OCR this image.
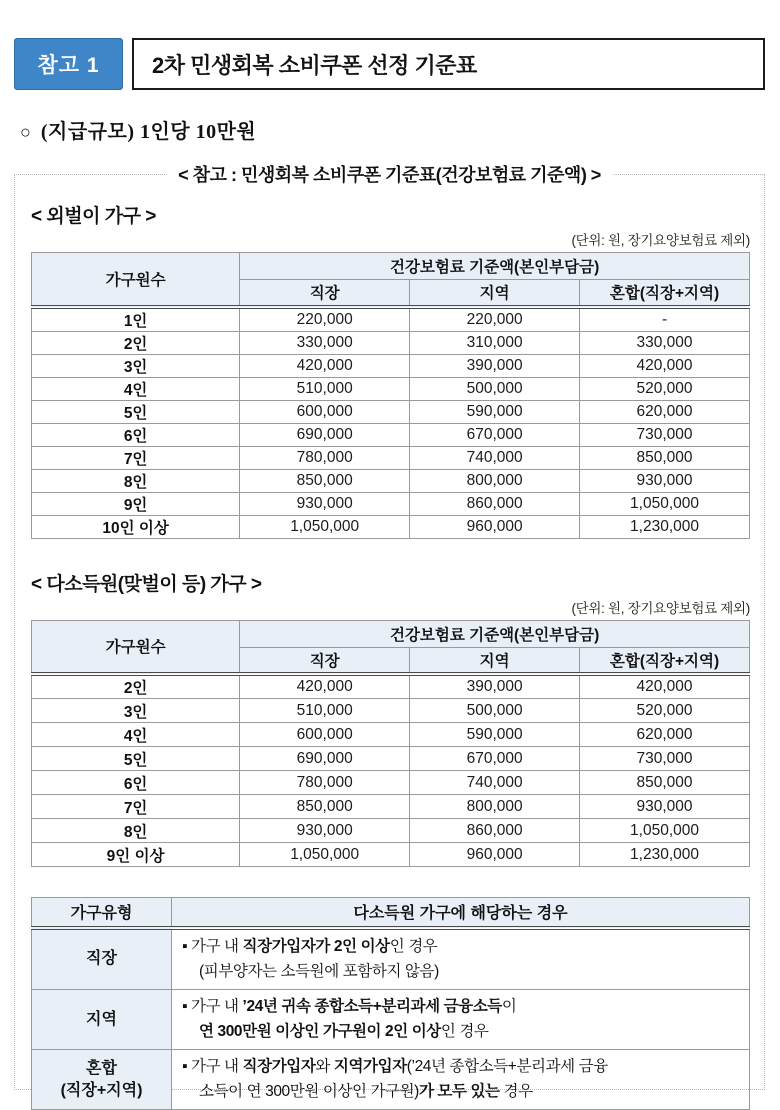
참고 1	2차 민생회복 소비쿠폰 선정 기준표
○ (지급규모) 1인당 10만원
< 참고 : 민생회복 소비쿠폰 기준표(건강보험료 기준액) >
< 외벌이 가구 >
(단위: 원, 장기요양보험료 제외)
가구원수	건강보험료 기준액(본인부담금)		
	직장	지역	혼합(직장+지역)
1인	220,000	220,000	-
2인	330,000	310,000	330,000
3인	420,000	390,000	420,000
4인	510,000	500,000	520,000
5인	600,000	590,000	620,000
6인	690,000	670,000	730,000
7인	780,000	740,000	850,000
8인	850,000	800,000	930,000
9인	930,000	860,000	1,050,000
10인 이상	1,050,000	960,000	1,230,000
< 다소득원(맞벌이 등) 가구 >
(단위: 원, 장기요양보험료 제외)
가구원수	건강보험료 기준액(본인부담금)		
	직장	지역	혼합(직장+지역)
2인	420,000	390,000	420,000
3인	510,000	500,000	520,000
4인	600,000	590,000	620,000
5인	690,000	670,000	730,000
6인	780,000	740,000	850,000
7인	850,000	800,000	930,000
8인	930,000	860,000	1,050,000
9인 이상	1,050,000	960,000	1,230,000
가구유형	다소득원 가구에 해당하는 경우
직장	▪ 가구 내 직장가입자가 2인 이상인 경우
(피부양자는 소득원에 포함하지 않음)

지역	▪ 가구 내 ’24년 귀속 종합소득+분리과세 금융소득이
연 300만원 이상인 가구원이 2인 이상인 경우

혼합
(직장+지역)	
▪ 가구 내 직장가입자와 지역가입자(’24년 종합소득+분리과세 금융
소득이 연 300만원 이상인 가구원)가 모두 있는 경우
